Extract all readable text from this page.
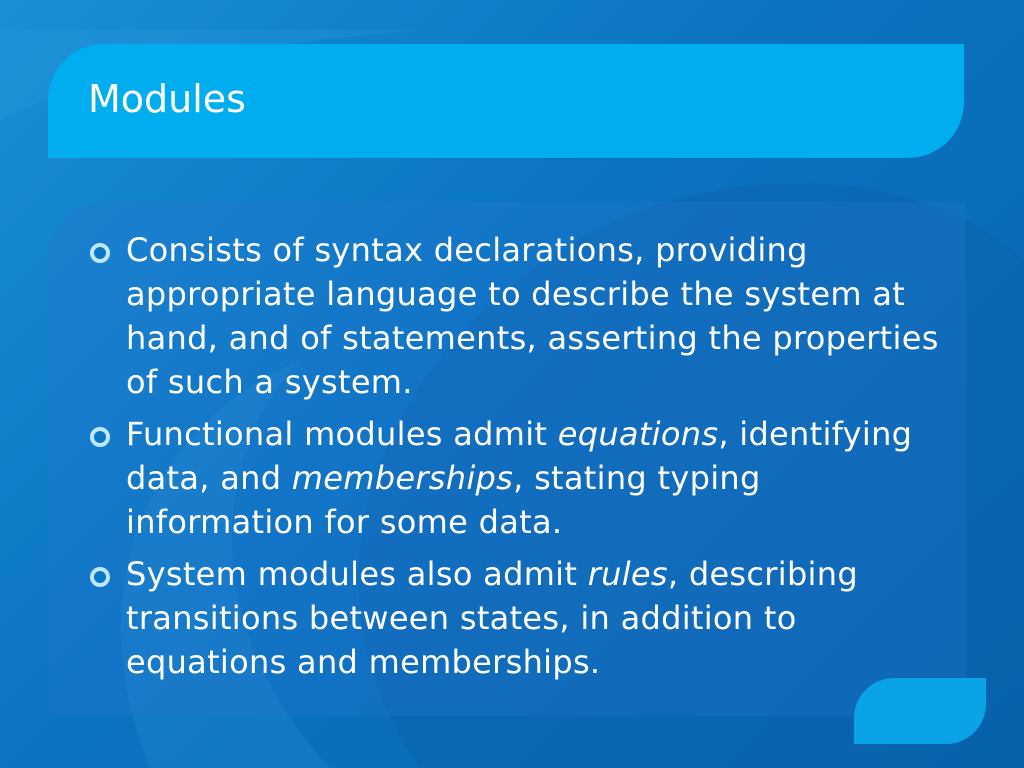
Modules
Consists of syntax declarations, providing appropriate language to describe the system at hand, and of statements, asserting the properties of such a system.
Functional modules admit equations, identifying data, and memberships, stating typing information for some data.
System modules also admit rules, describing transitions between states, in addition to equations and memberships.
